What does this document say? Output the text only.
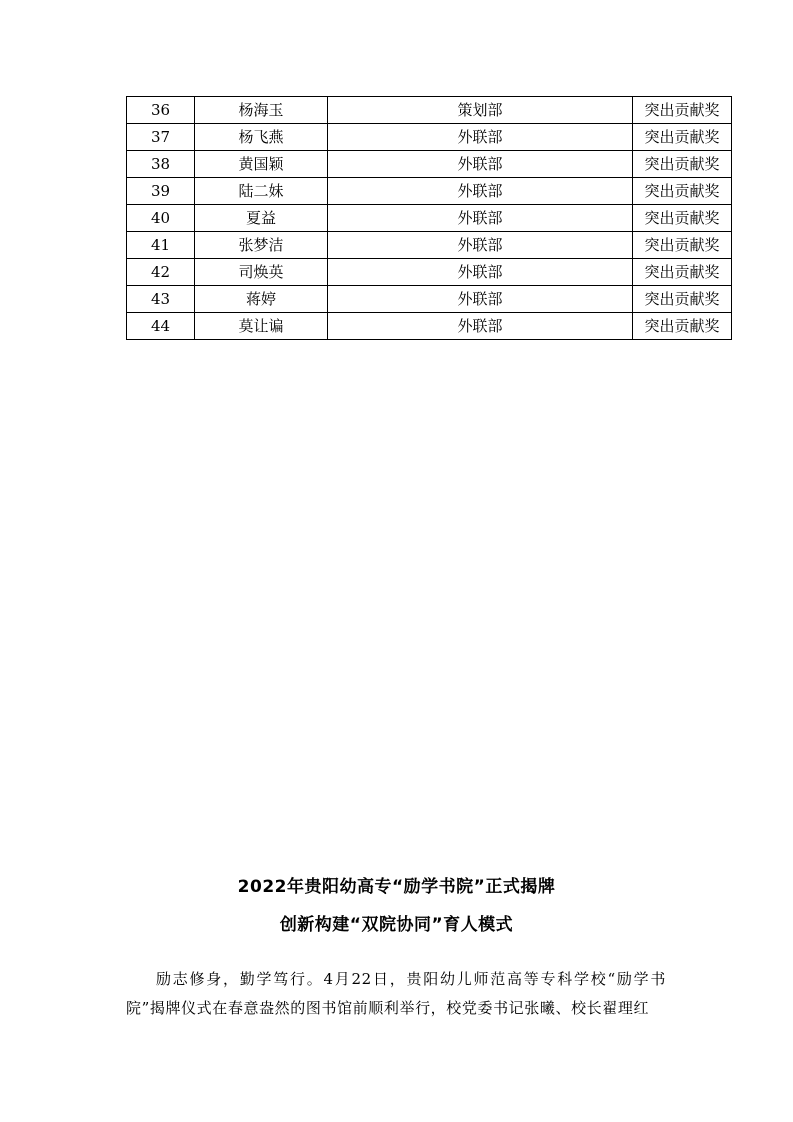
36	杨海玉	策划部	突出贡献奖
37	杨飞燕	外联部	突出贡献奖
38	黄国颖	外联部	突出贡献奖
39	陆二妹	外联部	突出贡献奖
40	夏益	外联部	突出贡献奖
41	张梦洁	外联部	突出贡献奖
42	司焕英	外联部	突出贡献奖
43	蒋婷	外联部	突出贡献奖
44	莫让谝	外联部	突出贡献奖
2022年贵阳幼高专“励学书院”正式揭牌
创新构建“双院协同”育人模式

励志修身，勤学笃行。4月22日，贵阳幼儿师范高等专科学校“励学书院”揭牌仪式在春意盎然的图书馆前顺利举行，校党委书记张曦、校长翟理红
